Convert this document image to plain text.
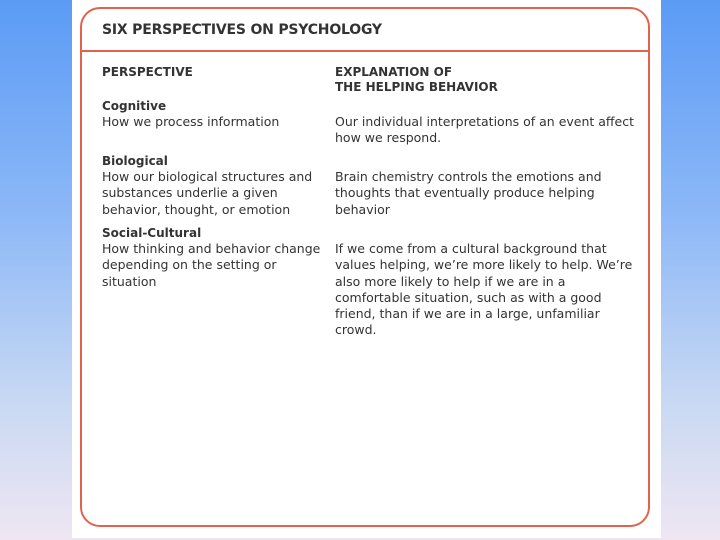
SIX PERSPECTIVES ON PSYCHOLOGY
PERSPECTIVE	EXPLANATION OF
THE HELPING BEHAVIOR
Cognitive
How we process information	Our individual interpretations of an event affect how we respond.
Biological
How our biological structures and substances underlie a given behavior, thought, or emotion
Brain chemistry controls the emotions and thoughts that eventually produce helping behavior
Social-Cultural
How thinking and behavior change depending on the setting or situation
If we come from a cultural background that values helping, we’re more likely to help. We’re also more likely to help if we are in a comfortable situation, such as with a good friend, than if we are in a large, unfamiliar crowd.
